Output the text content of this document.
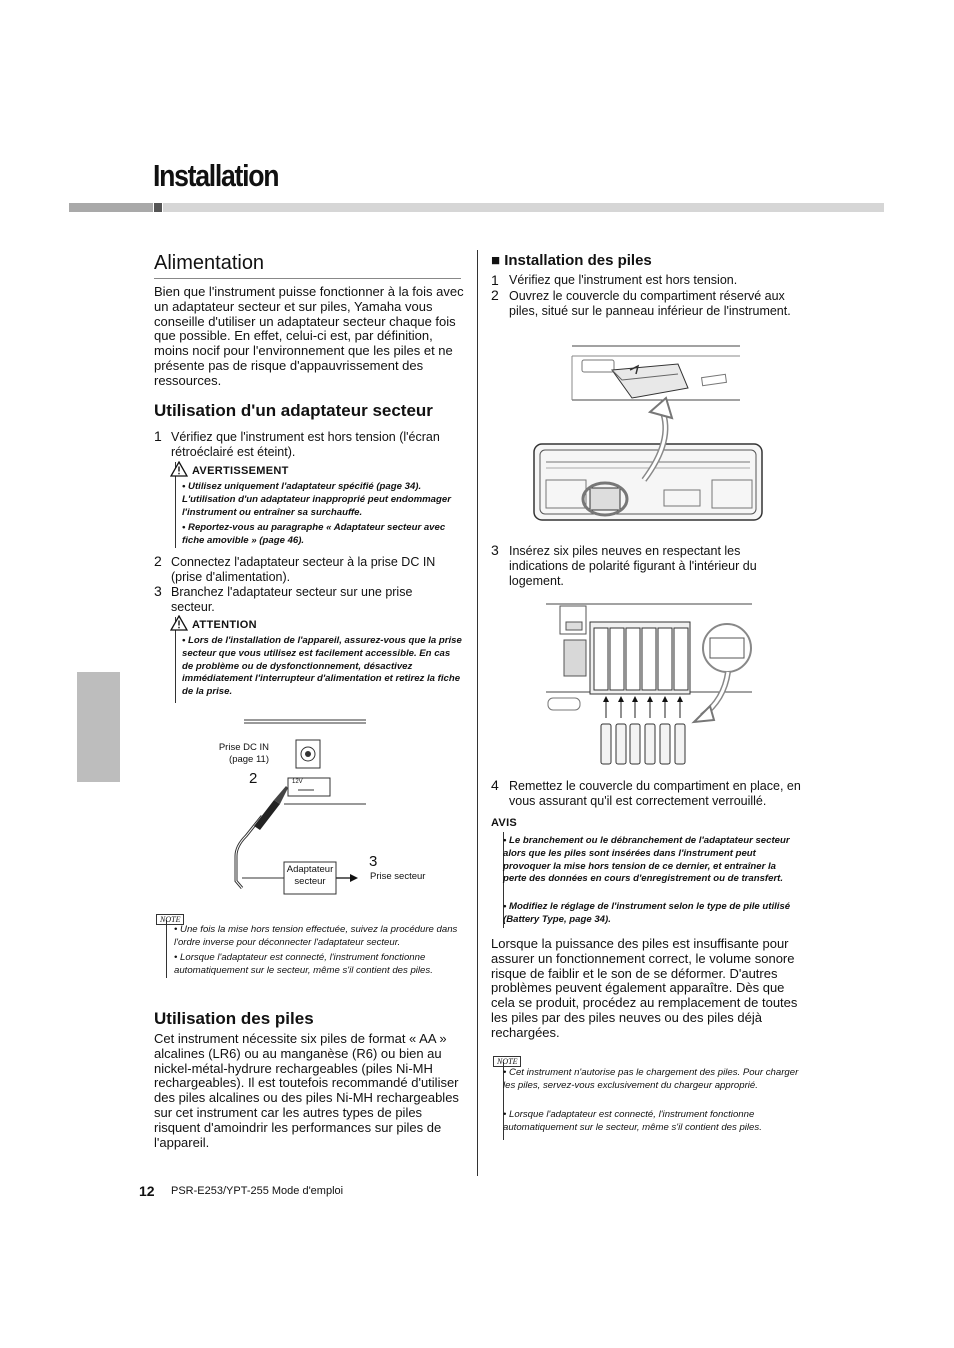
Installation
Alimentation
Bien que l'instrument puisse fonctionner à la fois avec un adaptateur secteur et sur piles, Yamaha vous conseille d'utiliser un adaptateur secteur chaque fois que possible. En effet, celui-ci est, par définition, moins nocif pour l'environnement que les piles et ne présente pas de risque d'appauvrissement des ressources.
Utilisation d'un adaptateur secteur
1 Vérifiez que l'instrument est hors tension (l'écran rétroéclairé est éteint).
AVERTISSEMENT
• Utilisez uniquement l'adaptateur spécifié (page 34). L'utilisation d'un adaptateur inapproprié peut endommager l'instrument ou entraîner sa surchauffe.
• Reportez-vous au paragraphe « Adaptateur secteur avec fiche amovible » (page 46).
2 Connectez l'adaptateur secteur à la prise DC IN (prise d'alimentation).
3 Branchez l'adaptateur secteur sur une prise secteur.
ATTENTION
• Lors de l'installation de l'appareil, assurez-vous que la prise secteur que vous utilisez est facilement accessible. En cas de problème ou de dysfonctionnement, désactivez immédiatement l'interrupteur d'alimentation et retirez la fiche de la prise.
Prise DC IN
(page 11)
2	12V
3
Adaptateur secteur	Prise secteur
NOTE
• Une fois la mise hors tension effectuée, suivez la procédure dans l'ordre inverse pour déconnecter l'adaptateur secteur.
• Lorsque l'adaptateur est connecté, l'instrument fonctionne automatiquement sur le secteur, même s'il contient des piles.
Utilisation des piles
Cet instrument nécessite six piles de format « AA » alcalines (LR6) ou au manganèse (R6) ou bien au nickel-métal-hydrure rechargeables (piles Ni-MH rechargeables). Il est toutefois recommandé d'utiliser des piles alcalines ou des piles Ni-MH rechargeables sur cet instrument car les autres types de piles risquent d'amoindrir les performances sur piles de l'appareil.
■ Installation des piles
1 Vérifiez que l'instrument est hors tension.
2 Ouvrez le couvercle du compartiment réservé aux piles, situé sur le panneau inférieur de l'instrument.
3 Insérez six piles neuves en respectant les indications de polarité figurant à l'intérieur du logement.
4 Remettez le couvercle du compartiment en place, en vous assurant qu'il est correctement verrouillé.
AVIS
• Le branchement ou le débranchement de l'adaptateur secteur alors que les piles sont insérées dans l'instrument peut provoquer la mise hors tension de ce dernier, et entraîner la perte des données en cours d'enregistrement ou de transfert.
• Modifiez le réglage de l'instrument selon le type de pile utilisé (Battery Type, page 34).
Lorsque la puissance des piles est insuffisante pour assurer un fonctionnement correct, le volume sonore risque de faiblir et le son de se déformer. D'autres problèmes peuvent également apparaître. Dès que cela se produit, procédez au remplacement de toutes les piles par des piles neuves ou des piles déjà rechargées.
NOTE
• Cet instrument n'autorise pas le chargement des piles. Pour charger les piles, servez-vous exclusivement du chargeur approprié.
• Lorsque l'adaptateur est connecté, l'instrument fonctionne automatiquement sur le secteur, même s'il contient des piles.
12 PSR-E253/YPT-255 Mode d'emploi
